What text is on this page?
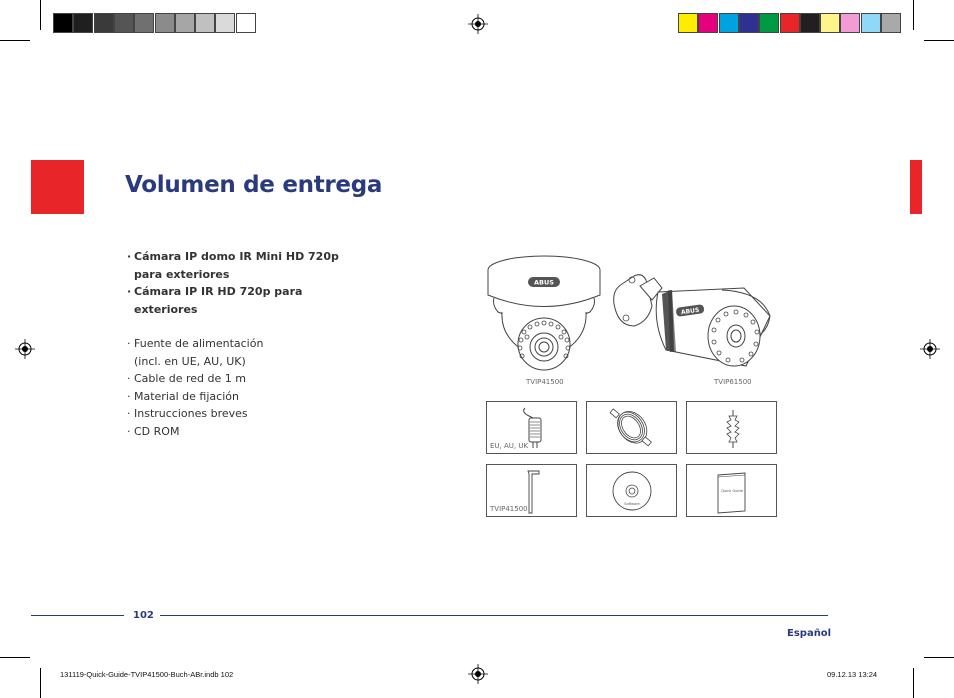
Volumen de entrega
· Cámara IP domo IR Mini HD 720p
para exteriores
· Cámara IP IR HD 720p para
exteriores
· Fuente de alimentación
(incl. en UE, AU, UK)
· Cable de red de 1 m
· Material de fijación
· Instrucciones breves
· CD ROM
ABUS
TVIP41500
ABUS
TVIP61500
EU, AU, UK
TVIP41500
Software
Quick Guide
102
Español
131119-Quick-Guide-TVIP41500-Buch-ABr.indb 102	09.12.13 13:24
